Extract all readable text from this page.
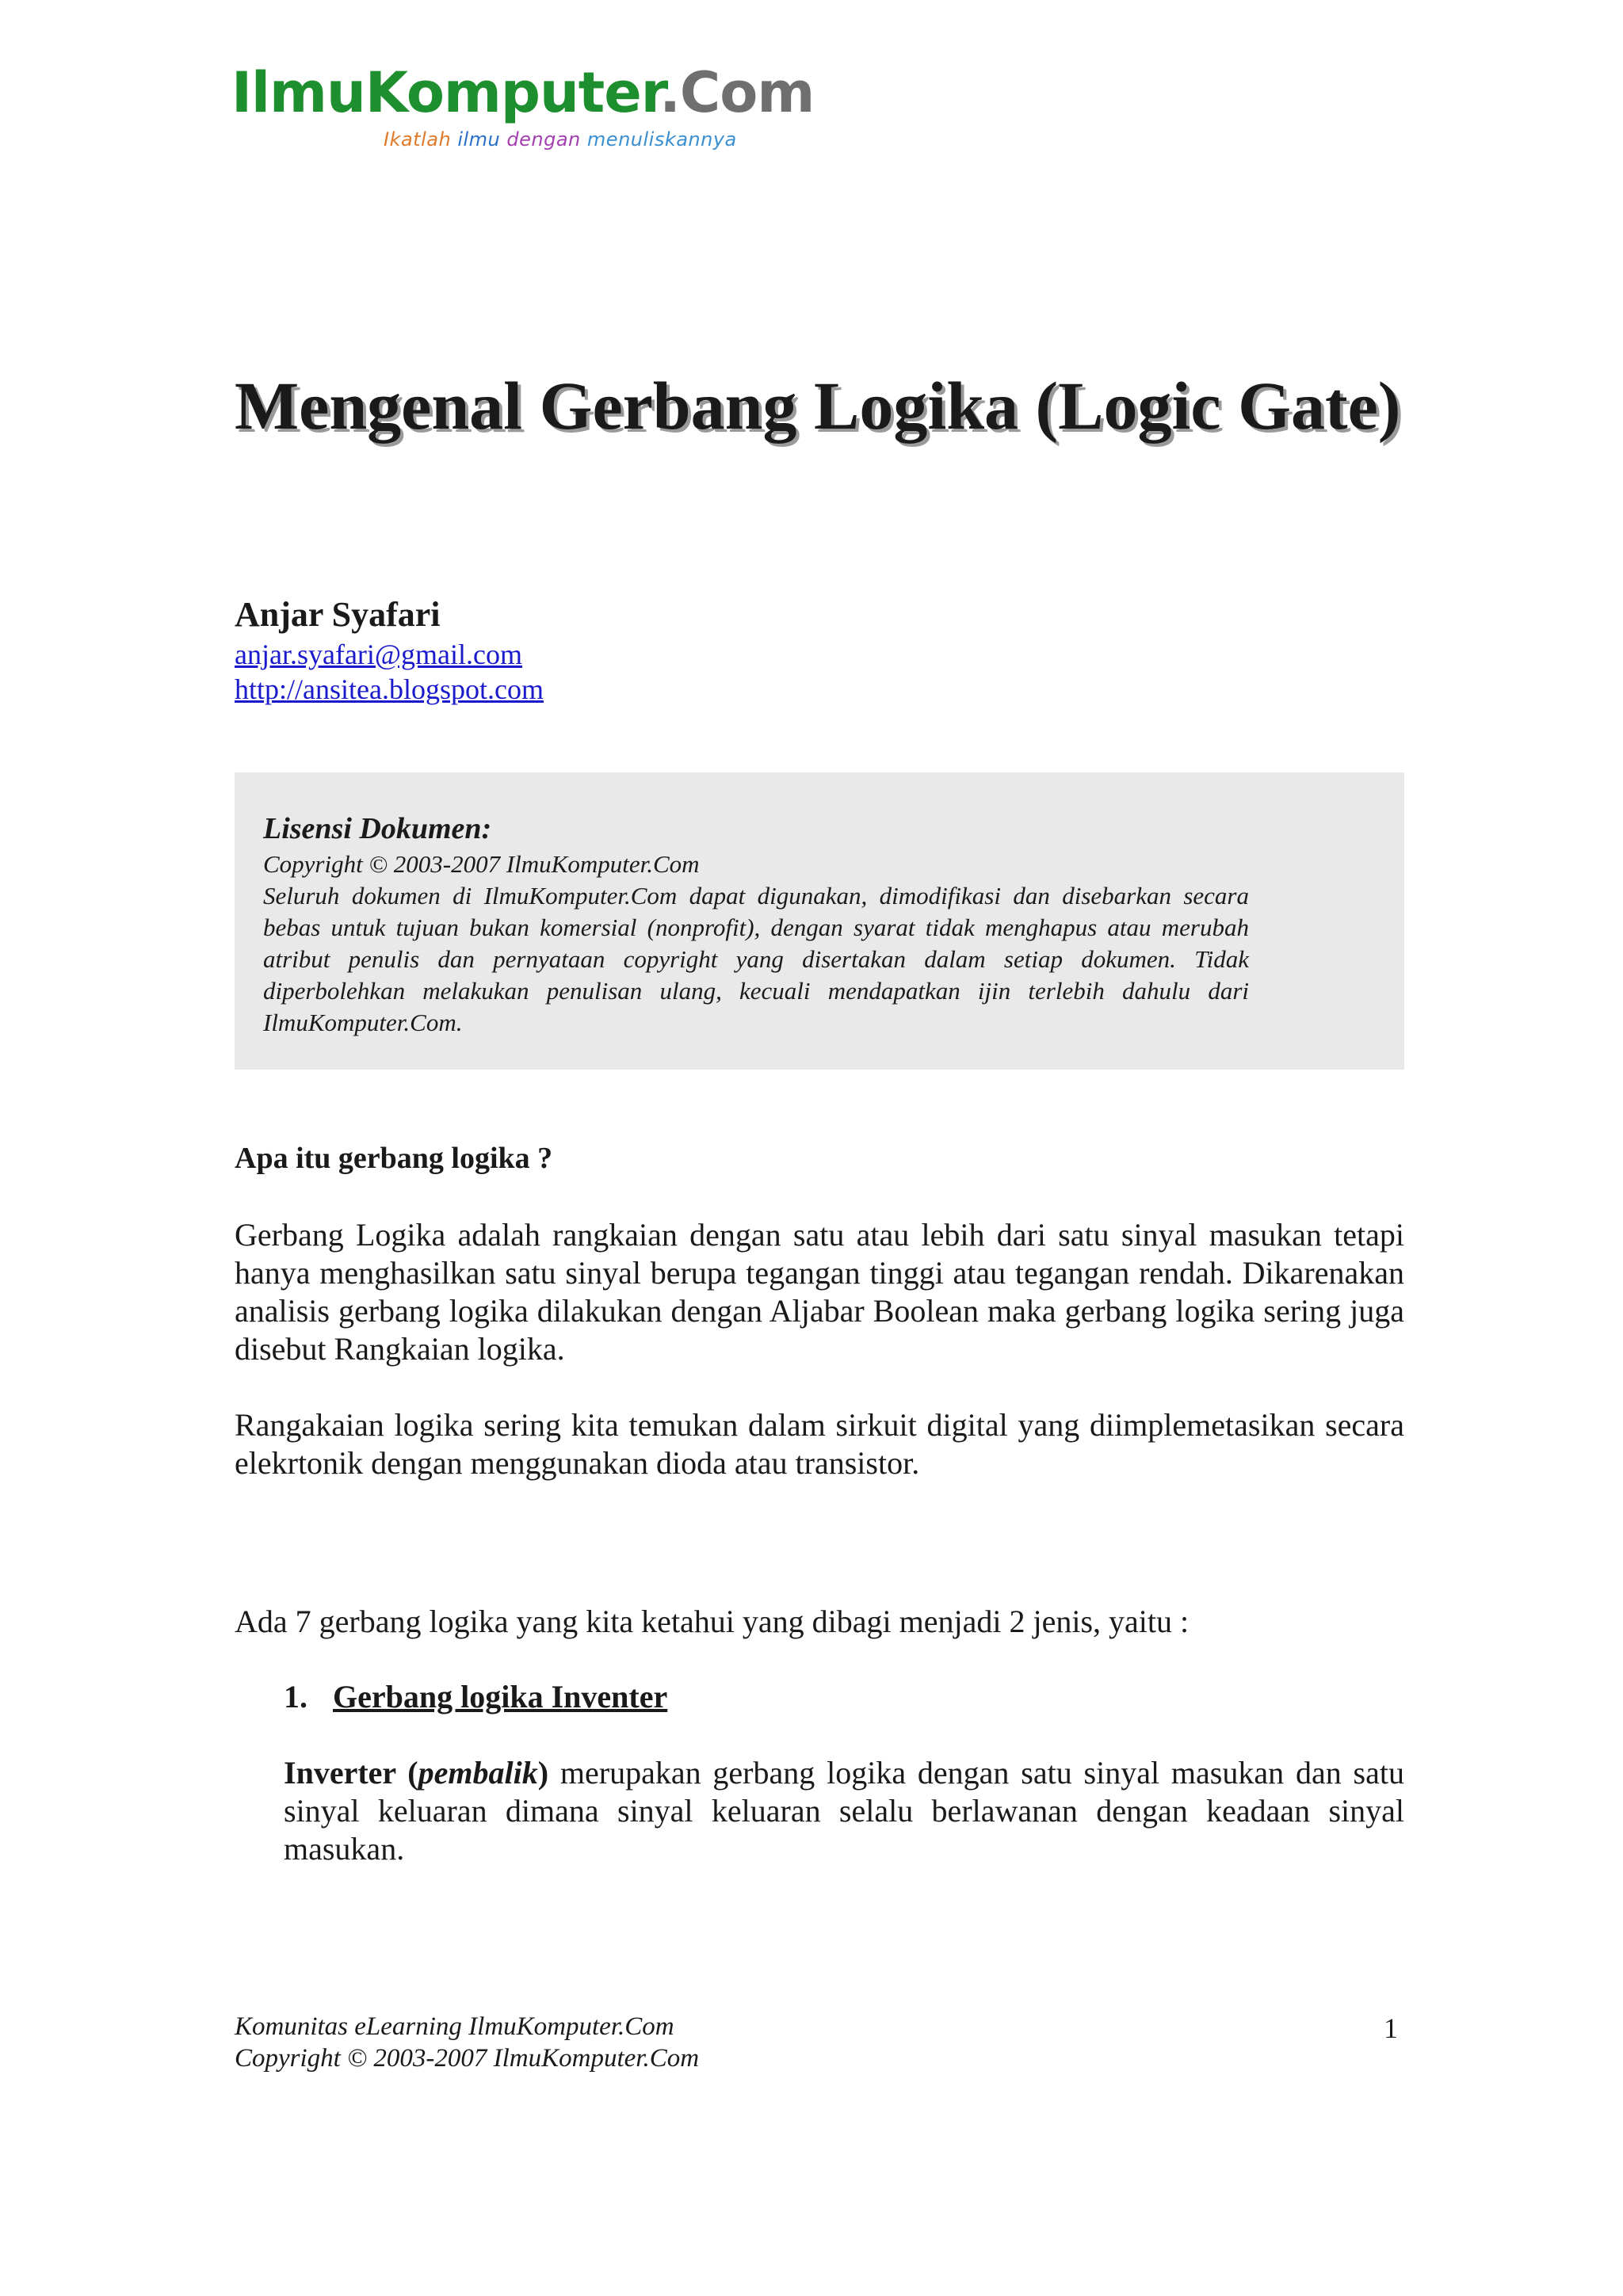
IlmuKomputer.Com
Ikatlah ilmu dengan menuliskannya
Mengenal Gerbang Logika (Logic Gate)
Anjar Syafari
anjar.syafari@gmail.com
http://ansitea.blogspot.com
Lisensi Dokumen:

Copyright © 2003-2007 IlmuKomputer.Com

Seluruh dokumen di IlmuKomputer.Com dapat digunakan, dimodifikasi dan disebarkan secara bebas untuk tujuan bukan komersial (nonprofit), dengan syarat tidak menghapus atau merubah atribut penulis dan pernyataan copyright yang disertakan dalam setiap dokumen. Tidak diperbolehkan melakukan penulisan ulang, kecuali mendapatkan ijin terlebih dahulu dari IlmuKomputer.Com.

Apa itu gerbang logika ?

Gerbang Logika adalah rangkaian dengan satu atau lebih dari satu sinyal masukan tetapi hanya menghasilkan satu sinyal berupa tegangan tinggi atau tegangan rendah. Dikarenakan analisis gerbang logika dilakukan dengan Aljabar Boolean maka gerbang logika sering juga disebut Rangkaian logika.

Rangakaian logika sering kita temukan dalam sirkuit digital yang diimplemetasikan secara elekrtonik dengan menggunakan dioda atau transistor.

Ada 7 gerbang logika yang kita ketahui yang dibagi menjadi 2 jenis, yaitu :

1. Gerbang logika Inventer

Inverter (pembalik) merupakan gerbang logika dengan satu sinyal masukan dan satu sinyal keluaran dimana sinyal keluaran selalu berlawanan dengan keadaan sinyal masukan.

Komunitas eLearning IlmuKomputer.Com
Copyright © 2003-2007 IlmuKomputer.Com
1
